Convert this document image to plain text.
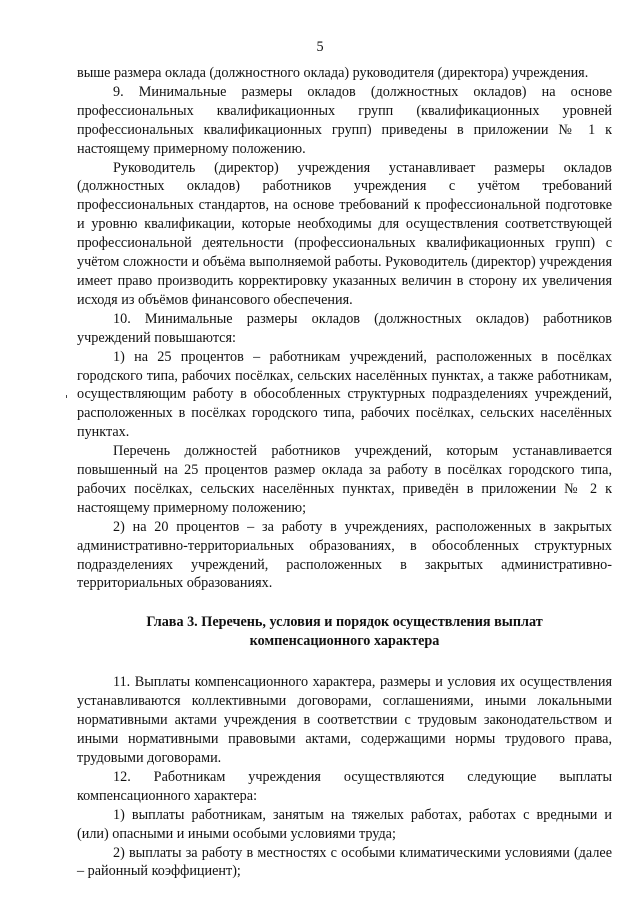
5

выше размера оклада (должностного оклада) руководителя (директора) учреждения.

9. Минимальные размеры окладов (должностных окладов) на основе профессиональных квалификационных групп (квалификационных уровней профессиональных квалификационных групп) приведены в приложении № 1 к настоящему примерному положению.

Руководитель (директор) учреждения устанавливает размеры окладов (должностных окладов) работников учреждения с учётом требований профессиональных стандартов, на основе требований к профессиональной подготовке и уровню квалификации, которые необходимы для осуществления соответствующей профессиональной деятельности (профессиональных квалификационных групп) с учётом сложности и объёма выполняемой работы. Руководитель (директор) учреждения имеет право производить корректировку указанных величин в сторону их увеличения исходя из объёмов финансового обеспечения.

10. Минимальные размеры окладов (должностных окладов) работников учреждений повышаются:

1) на 25 процентов – работникам учреждений, расположенных в посёлках городского типа, рабочих посёлках, сельских населённых пунктах, а также работникам, осуществляющим работу в обособленных структурных подразделениях учреждений, расположенных в посёлках городского типа, рабочих посёлках, сельских населённых пунктах.

Перечень должностей работников учреждений, которым устанавливается повышенный на 25 процентов размер оклада за работу в посёлках городского типа, рабочих посёлках, сельских населённых пунктах, приведён в приложении № 2 к настоящему примерному положению;

2) на 20 процентов – за работу в учреждениях, расположенных в закрытых административно-территориальных образованиях, в обособленных структурных подразделениях учреждений, расположенных в закрытых административно-территориальных образованиях.

Глава 3. Перечень, условия и порядок осуществления выплат
компенсационного характера

11. Выплаты компенсационного характера, размеры и условия их осуществления устанавливаются коллективными договорами, соглашениями, иными локальными нормативными актами учреждения в соответствии с трудовым законодательством и иными нормативными правовыми актами, содержащими нормы трудового права, трудовыми договорами.

12. Работникам учреждения осуществляются следующие выплаты компенсационного характера:

1) выплаты работникам, занятым на тяжелых работах, работах с вредными и (или) опасными и иными особыми условиями труда;

2) выплаты за работу в местностях с особыми климатическими условиями (далее – районный коэффициент);
